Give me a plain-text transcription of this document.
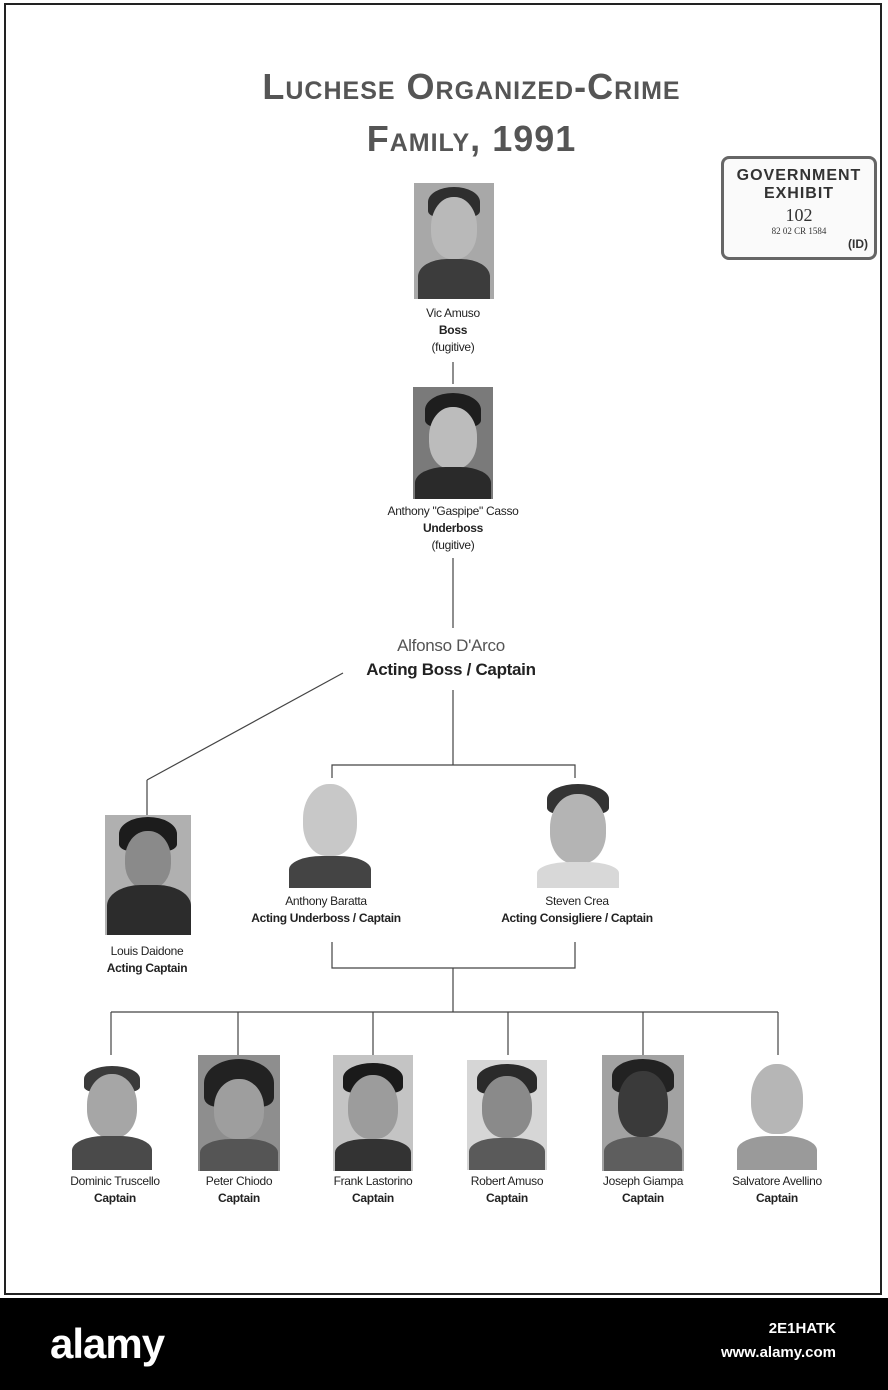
Luchese Organized-Crime
Family, 1991
GOVERNMENT
EXHIBIT
102
82 02 CR 1584
(ID)
Vic Amuso
Boss
(fugitive)
Anthony "Gaspipe" Casso
Underboss
(fugitive)
Alfonso D'Arco
Acting Boss / Captain
Louis Daidone
Acting Captain
Anthony Baratta
Acting Underboss / Captain
Steven Crea
Acting Consigliere / Captain
Dominic Truscello
Captain
Peter Chiodo
Captain
Frank Lastorino
Captain
Robert Amuso
Captain
Joseph Giampa
Captain
Salvatore Avellino
Captain
alamy	2E1HATK
www.alamy.com
